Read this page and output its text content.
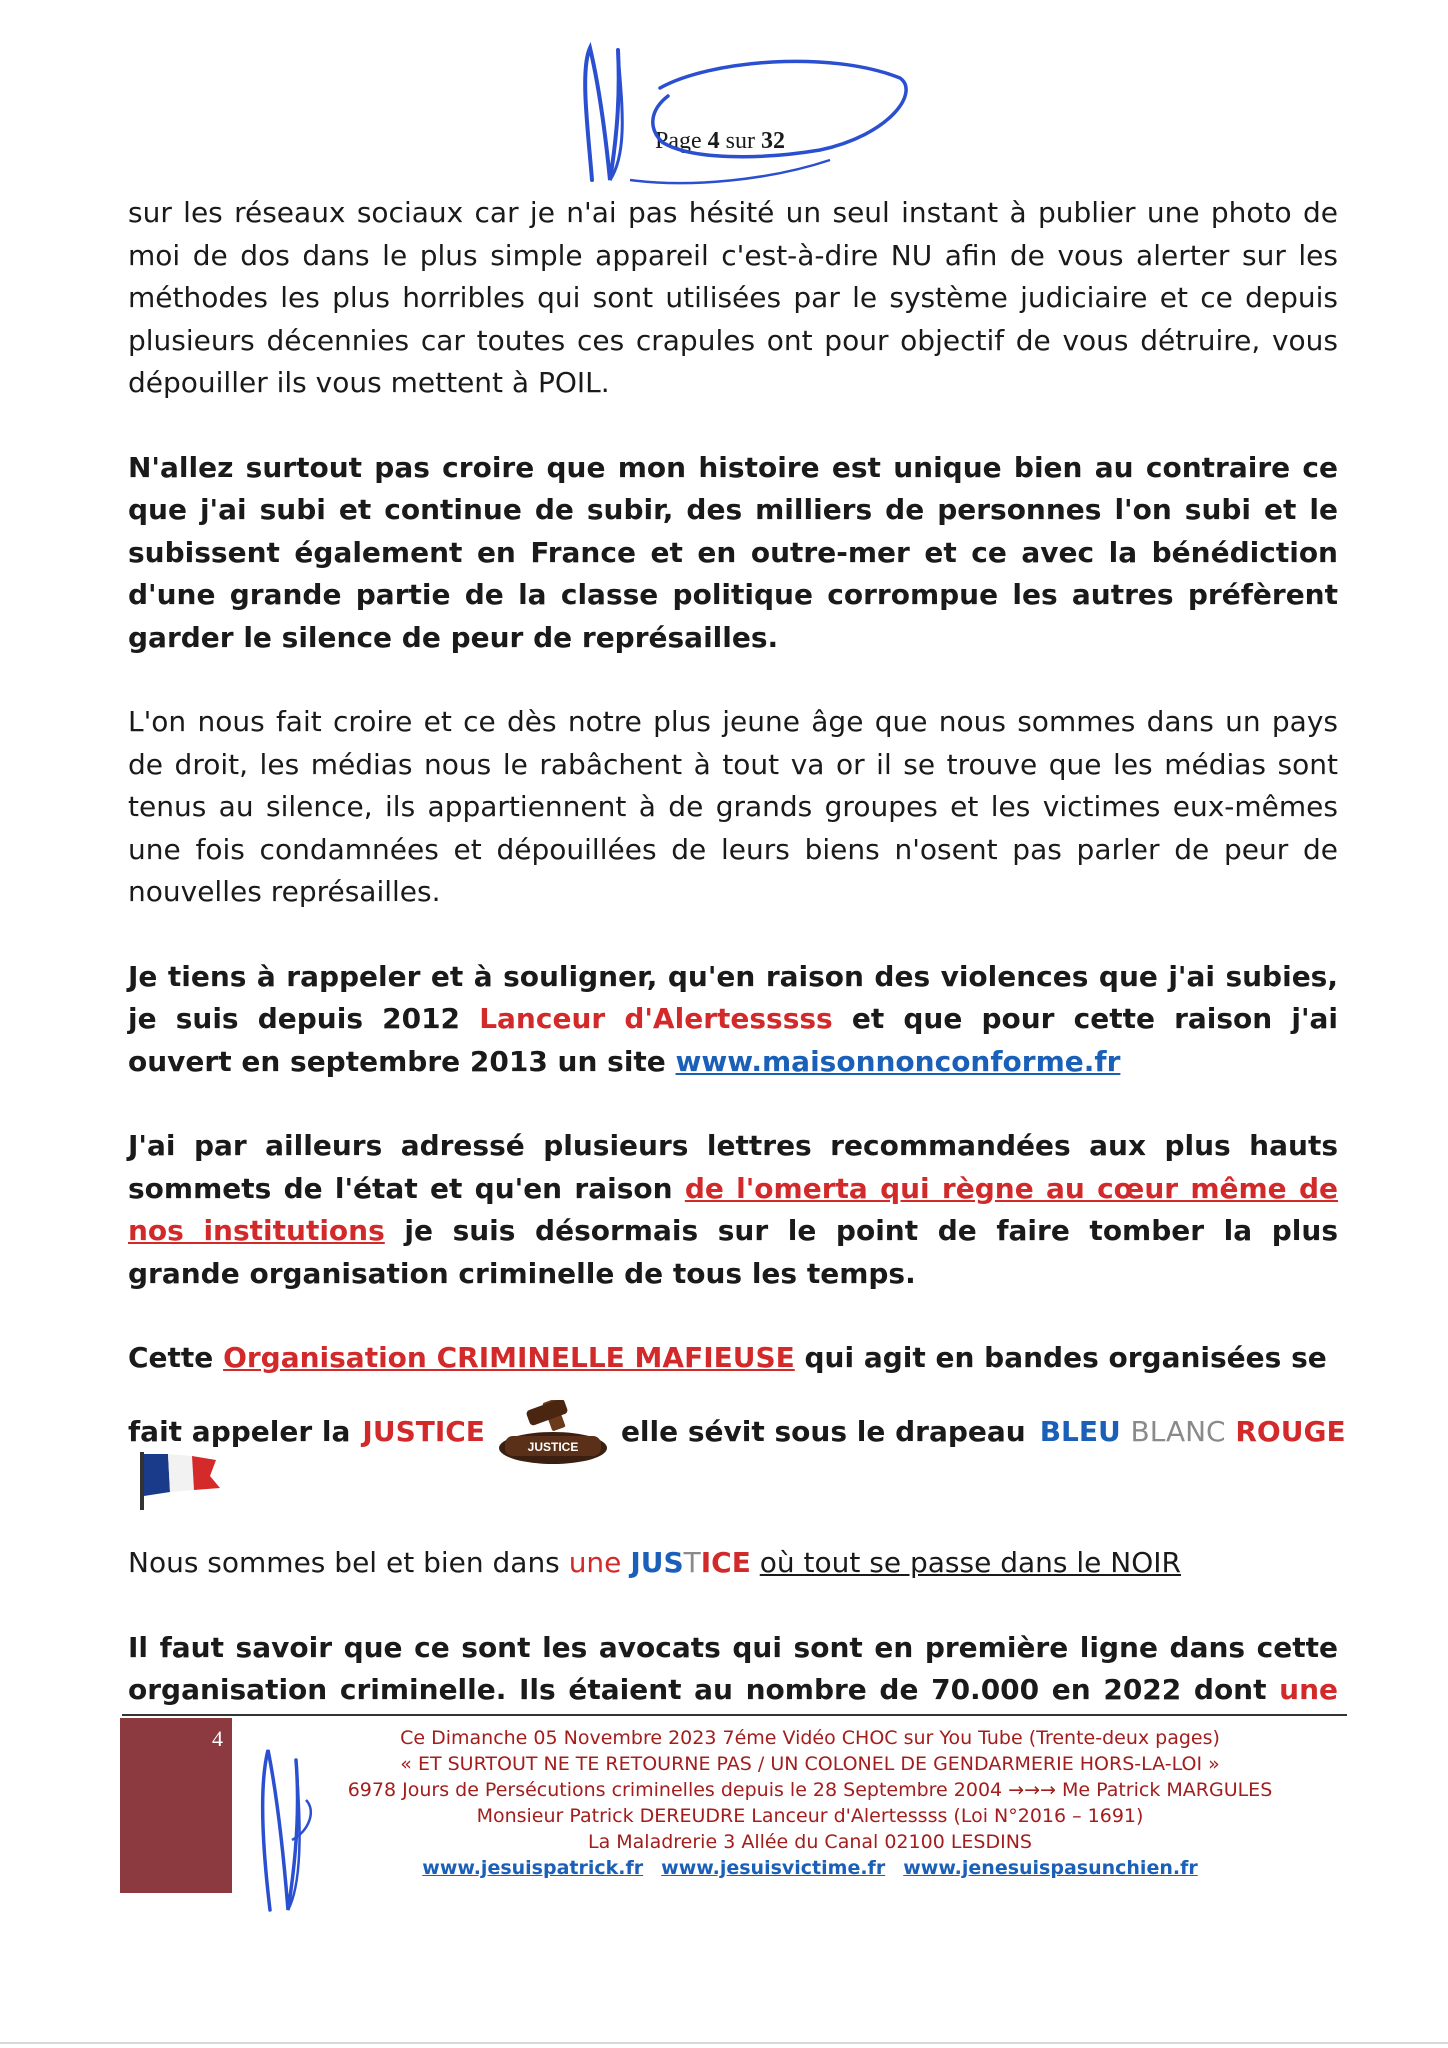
Page 4 sur 32

sur les réseaux sociaux car je n'ai pas hésité un seul instant à publier une photo de moi de dos dans le plus simple appareil c'est-à-dire NU afin de vous alerter sur les méthodes les plus horribles qui sont utilisées par le système judiciaire et ce depuis plusieurs décennies car toutes ces crapules ont pour objectif de vous détruire, vous dépouiller ils vous mettent à POIL.

N'allez surtout pas croire que mon histoire est unique bien au contraire ce que j'ai subi et continue de subir, des milliers de personnes l'on subi et le subissent également en France et en outre-mer et ce avec la bénédiction d'une grande partie de la classe politique corrompue les autres préfèrent garder le silence de peur de représailles.

L'on nous fait croire et ce dès notre plus jeune âge que nous sommes dans un pays de droit, les médias nous le rabâchent à tout va or il se trouve que les médias sont tenus au silence, ils appartiennent à de grands groupes et les victimes eux-mêmes une fois condamnées et dépouillées de leurs biens n'osent pas parler de peur de nouvelles représailles.

Je tiens à rappeler et à souligner, qu'en raison des violences que j'ai subies, je suis depuis 2012 Lanceur d'Alertesssss et que pour cette raison j'ai ouvert en septembre 2013 un site www.maisonnonconforme.fr

J'ai par ailleurs adressé plusieurs lettres recommandées aux plus hauts sommets de l'état et qu'en raison de l'omerta qui règne au cœur même de nos institutions je suis désormais sur le point de faire tomber la plus grande organisation criminelle de tous les temps.

Cette Organisation CRIMINELLE MAFIEUSE qui agit en bandes organisées se

fait appeler la JUSTICE	JUSTICE elle sévit sous le drapeau BLEU BLANC ROUGE

Nous sommes bel et bien dans une JUSTICE où tout se passe dans le NOIR

Il faut savoir que ce sont les avocats qui sont en première ligne dans cette organisation criminelle. Ils étaient au nombre de 70.000 en 2022 dont une

4	Ce Dimanche 05 Novembre 2023 7éme Vidéo CHOC sur You Tube (Trente-deux pages)
« ET SURTOUT NE TE RETOURNE PAS / UN COLONEL DE GENDARMERIE HORS-LA-LOI »
6978 Jours de Persécutions criminelles depuis le 28 Septembre 2004 →→→ Me Patrick MARGULES
Monsieur Patrick DEREUDRE Lanceur d'Alertessss (Loi N°2016 – 1691)
La Maladrerie 3 Allée du Canal 02100 LESDINS
www.jesuispatrick.fr www.jesuisvictime.fr www.jenesuispasunchien.fr
